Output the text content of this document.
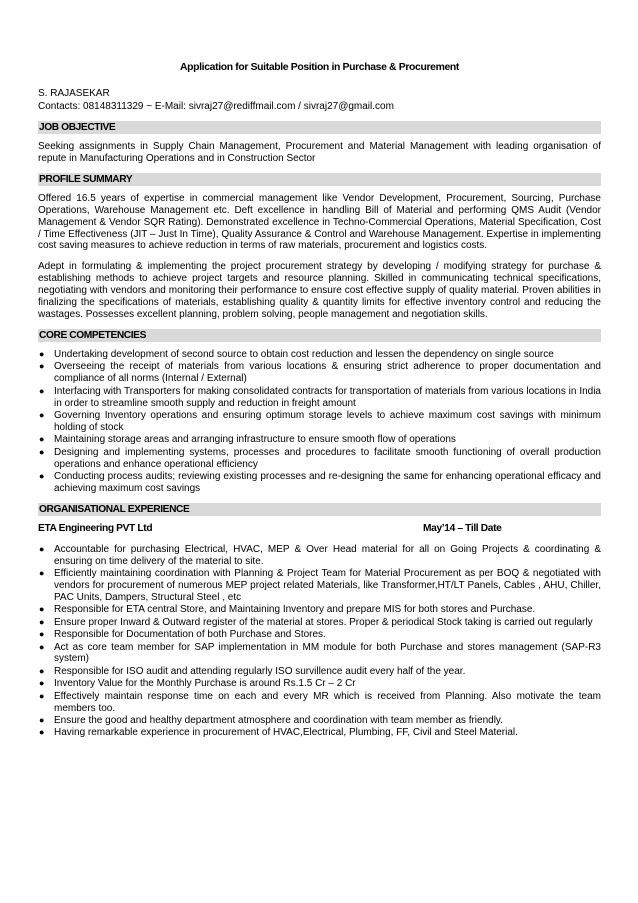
Application for Suitable Position in Purchase & Procurement
S. RAJASEKAR
Contacts: 08148311329 ~ E-Mail: sivraj27@rediffmail.com / sivraj27@gmail.com
JOB OBJECTIVE

Seeking assignments in Supply Chain Management, Procurement and Material Management with leading organisation of repute in Manufacturing Operations and in Construction Sector

PROFILE SUMMARY

Offered 16.5 years of expertise in commercial management like Vendor Development, Procurement, Sourcing, Purchase Operations, Warehouse Management etc. Deft excellence in handling Bill of Material and performing QMS Audit (Vendor Management & Vendor SQR Rating). Demonstrated excellence in Techno-Commercial Operations, Material Specification, Cost / Time Effectiveness (JIT – Just In Time), Quality Assurance & Control and Warehouse Management. Expertise in implementing cost saving measures to achieve reduction in terms of raw materials, procurement and logistics costs.

Adept in formulating & implementing the project procurement strategy by developing / modifying strategy for purchase & establishing methods to achieve project targets and resource planning. Skilled in communicating technical specifications, negotiating with vendors and monitoring their performance to ensure cost effective supply of quality material. Proven abilities in finalizing the specifications of materials, establishing quality & quantity limits for effective inventory control and reducing the wastages. Possesses excellent planning, problem solving, people management and negotiation skills.

CORE COMPETENCIES
● Undertaking development of second source to obtain cost reduction and lessen the dependency on single source
● Overseeing the receipt of materials from various locations & ensuring strict adherence to proper documentation and compliance of all norms (Internal / External)
● Interfacing with Transporters for making consolidated contracts for transportation of materials from various locations in India in order to streamline smooth supply and reduction in freight amount
● Governing Inventory operations and ensuring optimum storage levels to achieve maximum cost savings with minimum holding of stock
● Maintaining storage areas and arranging infrastructure to ensure smooth flow of operations
● Designing and implementing systems, processes and procedures to facilitate smooth functioning of overall production operations and enhance operational efficiency
● Conducting process audits; reviewing existing processes and re-designing the same for enhancing operational efficacy and achieving maximum cost savings
ORGANISATIONAL EXPERIENCE
ETA Engineering PVT Ltd	May’14 – Till Date
● Accountable for purchasing Electrical, HVAC, MEP & Over Head material for all on Going Projects & coordinating & ensuring on time delivery of the material to site.
● Efficiently maintaining coordination with Planning & Project Team for Material Procurement as per BOQ & negotiated with vendors for procurement of numerous MEP project related Materials, like Transformer,HT/LT Panels, Cables , AHU, Chiller, PAC Units, Dampers, Structural Steel , etc
● Responsible for ETA central Store, and Maintaining Inventory and prepare MIS for both stores and Purchase.
● Ensure proper Inward & Outward register of the material at stores. Proper & periodical Stock taking is carried out regularly
● Responsible for Documentation of both Purchase and Stores.
● Act as core team member for SAP implementation in MM module for both Purchase and stores management (SAP-R3 system)
● Responsible for ISO audit and attending regularly ISO survillence audit every half of the year.
● Inventory Value for the Monthly Purchase is around Rs.1.5 Cr – 2 Cr
● Effectively maintain response time on each and every MR which is received from Planning. Also motivate the team members too.
● Ensure the good and healthy department atmosphere and coordination with team member as friendly.
● Having remarkable experience in procurement of HVAC,Electrical, Plumbing, FF, Civil and Steel Material.
